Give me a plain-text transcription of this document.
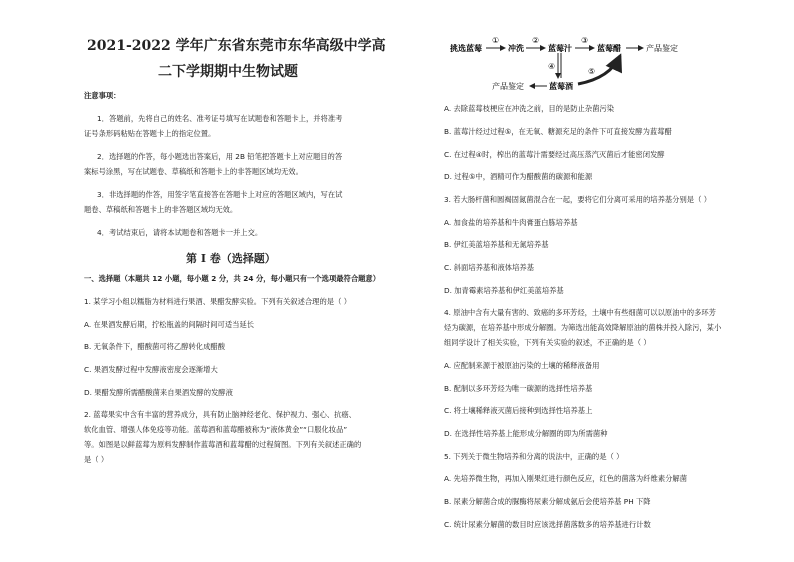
2021-2022 学年广东省东莞市东华高级中学高
二下学期期中生物试题
注意事项：
1．答题前，先将自己的姓名、准考证号填写在试题卷和答题卡上，并将准考
证号条形码粘贴在答题卡上的指定位置。
2．选择题的作答，每小题选出答案后，用 2B 铅笔把答题卡上对应题目的答
案标号涂黑，写在试题卷、草稿纸和答题卡上的非答题区域均无效。
3．非选择题的作答，用签字笔直接答在答题卡上对应的答题区域内，写在试
题卷、草稿纸和答题卡上的非答题区域均无效。
4．考试结束后，请将本试题卷和答题卡一并上交。
第 I 卷（选择题）
一、选择题（本题共 12 小题，每小题 2 分，共 24 分，每小题只有一个选项最符合题意）
1. 某学习小组以糯脂为材料进行果酒、果醋发酵实验。下列有关叙述合理的是（ ）
A. 在果酒发酵后期，拧松瓶盖的间隔时间可适当延长
B. 无氧条件下，醋酸菌可将乙醇转化成醋酸
C. 果酒发酵过程中发酵液密度会逐渐增大
D. 果醋发酵所需醋酸菌来自果酒发酵的发酵液
2. 蓝莓果实中含有丰富的营养成分，具有防止脑神经老化、保护视力、强心、抗癌、
软化血管、增强人体免疫等功能。蓝莓酒和蓝莓醋被称为“液体黄金”“口服化妆品”
等。如图是以鲜蓝莓为原料发酵制作蓝莓酒和蓝莓醋的过程简图。下列有关叙述正确的
是（ ）
挑选蓝莓
①
冲洗
②
蓝莓汁
③
蓝莓醋	产品鉴定
④
蓝莓酒
产品鉴定
⑤
A. 去除蓝莓枝梗应在冲洗之前，目的是防止杂菌污染
B. 蓝莓汁经过过程⑤，在无氧、糖源充足的条件下可直接发酵为蓝莓醋
C. 在过程④时，榨出的蓝莓汁需要经过高压蒸汽灭菌后才能密闭发酵
D. 过程⑤中，酒精可作为醋酸菌的碳源和能源
3. 若大肠杆菌和圆褐固氮菌混合在一起，要将它们分离可采用的培养基分别是（ ）
A. 加食盐的培养基和牛肉膏蛋白胨培养基
B. 伊红美蓝培养基和无氮培养基
C. 斜面培养基和液体培养基
D. 加青霉素培养基和伊红美蓝培养基
4. 原油中含有大量有害的、致癌的多环芳烃，土壤中有些细菌可以以原油中的多环芳
烃为碳源，在培养基中形成分解圈。为筛选出能高效降解原油的菌株并投入除污，某小
组同学设计了相关实验，下列有关实验的叙述，不正确的是（ ）
A. 应配制来源于被原油污染的土壤的稀释液备用
B. 配制以多环芳烃为唯一碳源的选择性培养基
C. 将土壤稀释液灭菌后接种到选择性培养基上
D. 在选择性培养基上能形成分解圈的即为所需菌种
5. 下列关于微生物培养和分离的说法中，正确的是（ ）
A. 先培养微生物，再加入刚果红进行颜色反应，红色的菌落为纤维素分解菌
B. 尿素分解菌合成的脲酶将尿素分解成氨后会使培养基 PH 下降
C. 统计尿素分解菌的数目时应该选择菌落数多的培养基进行计数
